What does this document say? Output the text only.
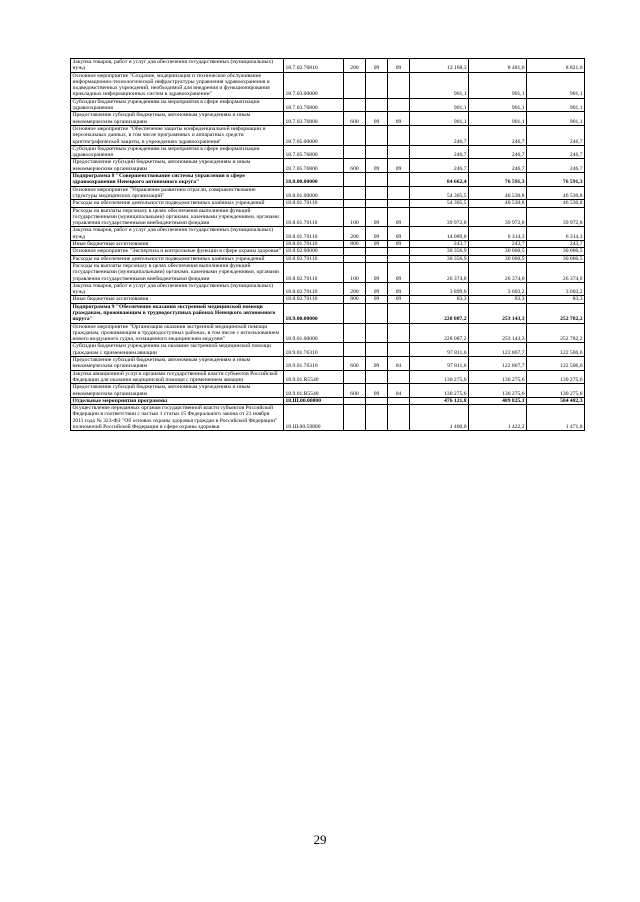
Закупка товаров, работ и услуг для обеспечения государственных (муниципальных) нужд	18.7.02.76810	200	09	09	13 168,3	8 481,6	8 821,0
Основное мероприятие "Создание, модернизация и техническое обслуживание информационно-технологической инфраструктуры управления здравоохранения и подведомственных учреждений, необходимой для внедрения и функционирования прикладных информационных систем в здравоохранении"	18.7.03.00000				901,1	901,1	901,1
Субсидии бюджетным учреждениям на мероприятия в сфере информатизации здравоохранения	18.7.03.76800				901,1	901,1	901,1
Предоставление субсидий бюджетным, автономным учреждениям и иным некоммерческим организациям	18.7.03.76800	600	09	09	901,1	901,1	901,1
Основное мероприятие "Обеспечение защиты конфиденциальной информации и персональных данных, в том числе программных и аппаратных средств криптографической защиты, в учреждениях здравоохранения"	18.7.05.00000				246,7	246,7	246,7
Субсидии бюджетным учреждениям на мероприятия в сфере информатизации здравоохранения	18.7.05.76800				246,7	246,7	246,7
Предоставление субсидий бюджетным, автономным учреждениям и иным некоммерческим организациям	18.7.05.76800	600	09	09	246,7	246,7	246,7
Подпрограмма 8 "Совершенствование системы управления в сфере здравоохранения Ненецкого автономного округа"	18.8.00.00000				84 662,4	76 591,3	76 591,3
Основное мероприятие "Управление развитием отрасли, совершенствование структуры медицинских организаций"	18.8.01.00000				54 305,5	46 530,8	46 530,8
Расходы на обеспечение деятельности подведомственных казённых учреждений	18.8.01.70110				54 305,5	46 530,8	46 530,8
Расходы на выплаты персоналу в целях обеспечения выполнения функций государственными (муниципальными) органами, казенными учреждениями, органами управления государственными внебюджетными фондами	18.8.01.70110	100	09	09	39 972,8	39 972,8	39 972,8
Закупка товаров, работ и услуг для обеспечения государственных (муниципальных) нужд	18.8.01.70110	200	09	09	14 089,0	6 314,3	6 314,3
Иные бюджетные ассигнования	18.8.01.70110	800	09	09	243,7	243,7	243,7
Основное мероприятие "Экспертиза и контрольные функции в сфере охраны здоровья"	18.8.02.00000				30 356,9	30 060,5	30 060,5
Расходы на обеспечение деятельности подведомственных казённых учреждений	18.8.02.70110				30 356,9	30 060,5	30 060,5
Расходы на выплаты персоналу в целях обеспечения выполнения функций государственными (муниципальными) органами, казенными учреждениями, органами управления государственными внебюджетными фондами	18.8.02.70110	100	09	09	26 374,0	26 374,0	26 374,0
Закупка товаров, работ и услуг для обеспечения государственных (муниципальных) нужд	18.8.02.70110	200	09	09	3 899,6	3 603,2	3 603,2
Иные бюджетные ассигнования	18.8.02.70110	800	09	09	83,3	83,3	83,3
Подпрограмма 9 "Обеспечение оказания экстренной медицинской помощи гражданам, проживающим в труднодоступных районах Ненецкого автономного округа"	18.9.00.00000				228 087,2	253 143,3	252 782,2
Основное мероприятие "Организация оказания экстренной медицинской помощи гражданам, проживающим в труднодоступных районах, в том числе с использованием нового воздушного судна, оснащенного медицинским модулем"	18.9.01.00000				228 087,2	253 143,3	252 782,2
Субсидии бюджетным учреждениям на оказание экстренной медицинской помощи гражданам с применением авиации	18.9.01.76310				97 811,6	122 867,7	122 506,6
Предоставление субсидий бюджетным, автономным учреждениям и иным некоммерческим организациям	18.9.01.76310	600	09	04	97 811,6	122 867,7	122 506,6
Закупка авиационной услуги органами государственной власти субъектов Российской Федерации для оказания медицинской помощи с применением авиации	18.9.01.R5540				130 275,6	130 275,6	130 275,6
Предоставление субсидий бюджетным, автономным учреждениям и иным некоммерческим организациям	18.9.01.R5540	600	09	04	130 275,6	130 275,6	130 275,6
Отдельные мероприятия программы	18.Ш.00.00000				476 121,8	489 825,1	504 482,3
Осуществление переданных органам государственной власти субъектов Российской Федерации в соответствии с частью 1 статьи 15 Федерального закона от 21 ноября 2011 года № 323-ФЗ "Об основах охраны здоровья граждан в Российской Федерации" полномочий Российской Федерации в сфере охраны здоровья	18.Ш.00.59800				1 400,0	1 422,2	1 471,8
29
